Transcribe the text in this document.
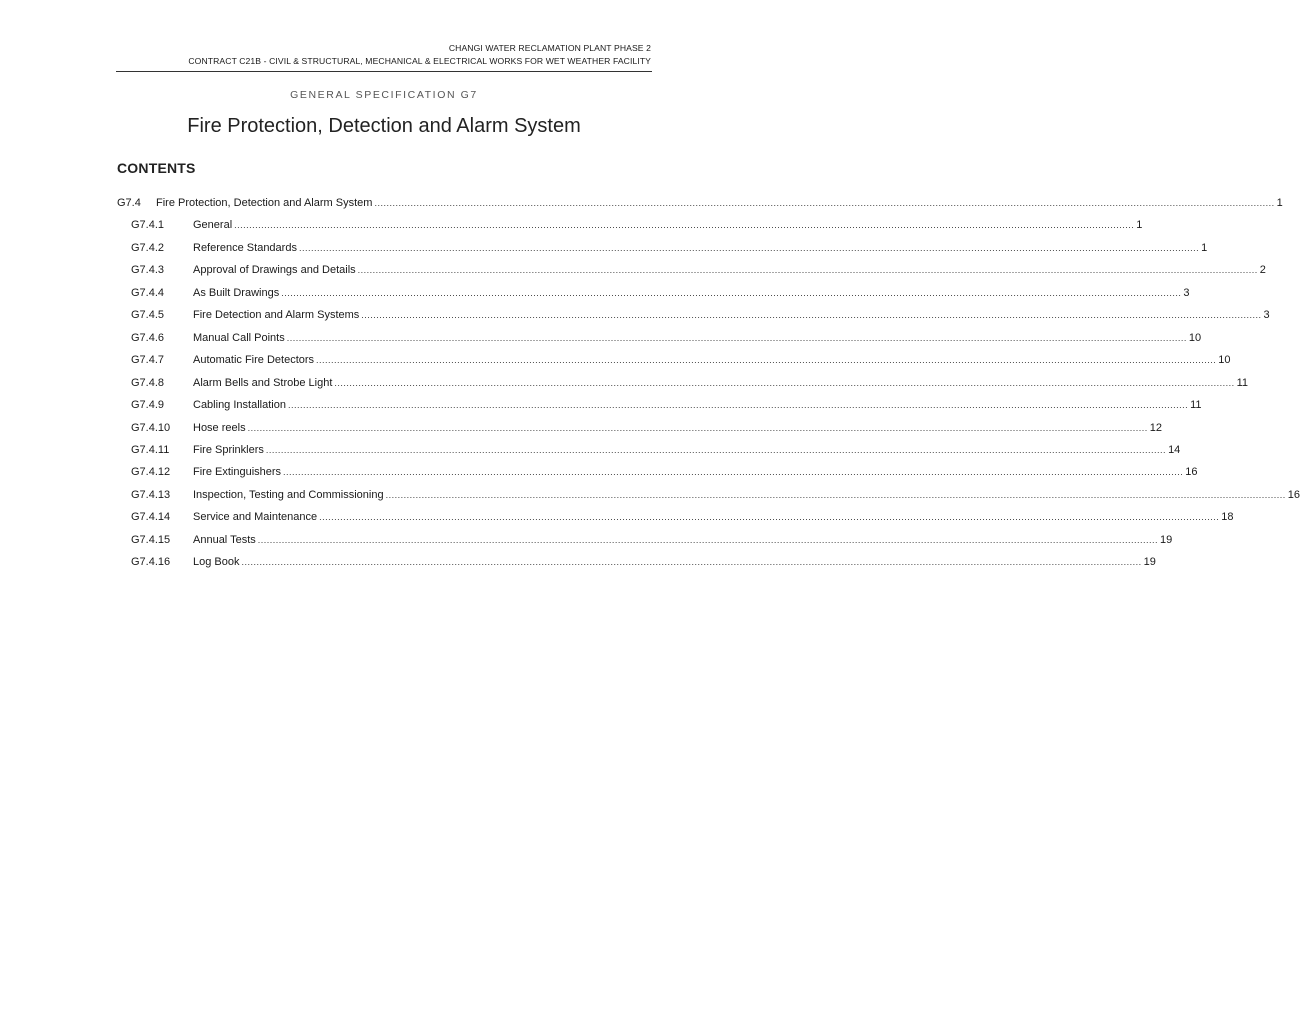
CHANGI WATER RECLAMATION PLANT PHASE 2
CONTRACT C21B - CIVIL & STRUCTURAL, MECHANICAL & ELECTRICAL WORKS FOR WET WEATHER FACILITY
GENERAL SPECIFICATION G7
Fire Protection, Detection and Alarm System
CONTENTS
G7.4	Fire Protection, Detection and Alarm System ............................................................................................................................................................................................................................................................................................................ 1
G7.4.1	General ............................................................................................................................................................................................................................................................................................................ 1
G7.4.2	Reference Standards ............................................................................................................................................................................................................................................................................................................ 1
G7.4.3	Approval of Drawings and Details ............................................................................................................................................................................................................................................................................................................ 2
G7.4.4	As Built Drawings ............................................................................................................................................................................................................................................................................................................ 3
G7.4.5	Fire Detection and Alarm Systems ............................................................................................................................................................................................................................................................................................................ 3
G7.4.6	Manual Call Points ............................................................................................................................................................................................................................................................................................................ 10
G7.4.7	Automatic Fire Detectors ............................................................................................................................................................................................................................................................................................................ 10
G7.4.8	Alarm Bells and Strobe Light ............................................................................................................................................................................................................................................................................................................ 11
G7.4.9	Cabling Installation ............................................................................................................................................................................................................................................................................................................ 11
G7.4.10	Hose reels ............................................................................................................................................................................................................................................................................................................ 12
G7.4.11	Fire Sprinklers ............................................................................................................................................................................................................................................................................................................ 14
G7.4.12	Fire Extinguishers ............................................................................................................................................................................................................................................................................................................ 16
G7.4.13	Inspection, Testing and Commissioning ............................................................................................................................................................................................................................................................................................................ 16
G7.4.14	Service and Maintenance ............................................................................................................................................................................................................................................................................................................ 18
G7.4.15	Annual Tests ............................................................................................................................................................................................................................................................................................................ 19
G7.4.16	Log Book ............................................................................................................................................................................................................................................................................................................ 19
